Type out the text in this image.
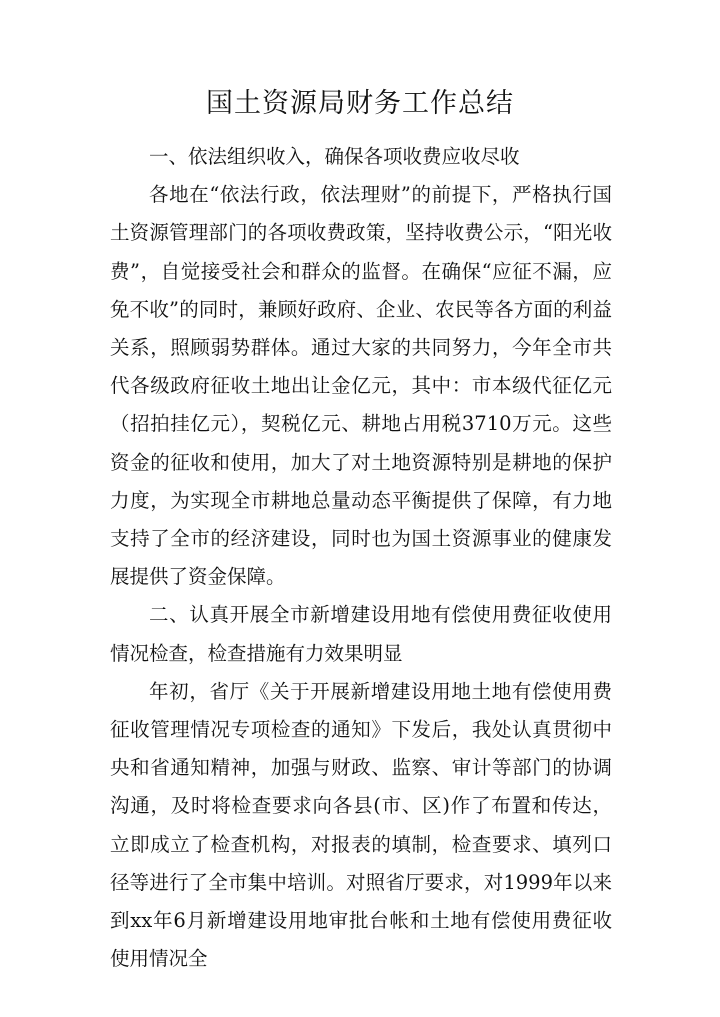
国土资源局财务工作总结

一、依法组织收入，确保各项收费应收尽收

各地在“依法行政，依法理财”的前提下，严格执行国土资源管理部门的各项收费政策，坚持收费公示，“阳光收费”，自觉接受社会和群众的监督。在确保“应征不漏，应免不收”的同时，兼顾好政府、企业、农民等各方面的利益关系，照顾弱势群体。通过大家的共同努力，今年全市共代各级政府征收土地出让金亿元，其中：市本级代征亿元（招拍挂亿元），契税亿元、耕地占用税3710万元。这些资金的征收和使用，加大了对土地资源特别是耕地的保护力度，为实现全市耕地总量动态平衡提供了保障，有力地支持了全市的经济建设，同时也为国土资源事业的健康发展提供了资金保障。

二、认真开展全市新增建设用地有偿使用费征收使用情况检查，检查措施有力效果明显

年初，省厅《关于开展新增建设用地土地有偿使用费征收管理情况专项检查的通知》下发后，我处认真贯彻中央和省通知精神，加强与财政、监察、审计等部门的协调沟通，及时将检查要求向各县(市、区)作了布置和传达，立即成立了检查机构，对报表的填制，检查要求、填列口径等进行了全市集中培训。对照省厅要求，对1999年以来到xx年6月新增建设用地审批台帐和土地有偿使用费征收使用情况全
